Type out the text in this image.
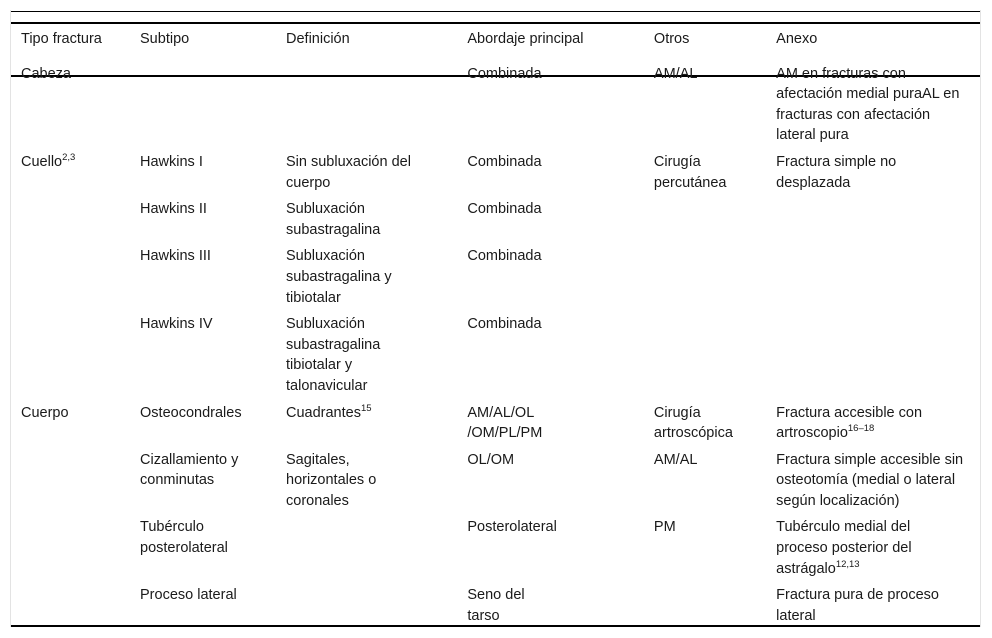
Tipo fractura	Subtipo	Definición	Abordaje principal	Otros	Anexo

Cabeza			Combinada	AM/AL	AM en fracturas con afectación medial puraAL en fracturas con afectación lateral pura

Cuello$^{2,3}$	Hawkins I	Sin subluxación del cuerpo	Combinada	Cirugía percutánea	Fractura simple no desplazada

	Hawkins II	Subluxación subastragalina	Combinada		

	Hawkins III	Subluxación subastragalina y tibiotalar	Combinada		

	Hawkins IV	Subluxación subastragalina tibiotalar y talonavicular	Combinada		

Cuerpo	Osteocondrales	Cuadrantes$^{15}$	AM/AL/OL /OM/PL/PM	Cirugía artroscópica	Fractura accesible con artroscopio$^{16-18}$

	Cizallamiento y conminutas	Sagitales, horizontales o coronales	OL/OM	AM/AL	Fractura simple accesible sin osteotomía (medial o lateral según localización)

	Tubérculo posterolateral		Posterolateral	PM	Tubérculo medial del proceso posterior del astrágalo$^{12,13}$

	Proceso lateral		Seno del tarso		Fractura pura de proceso lateral
